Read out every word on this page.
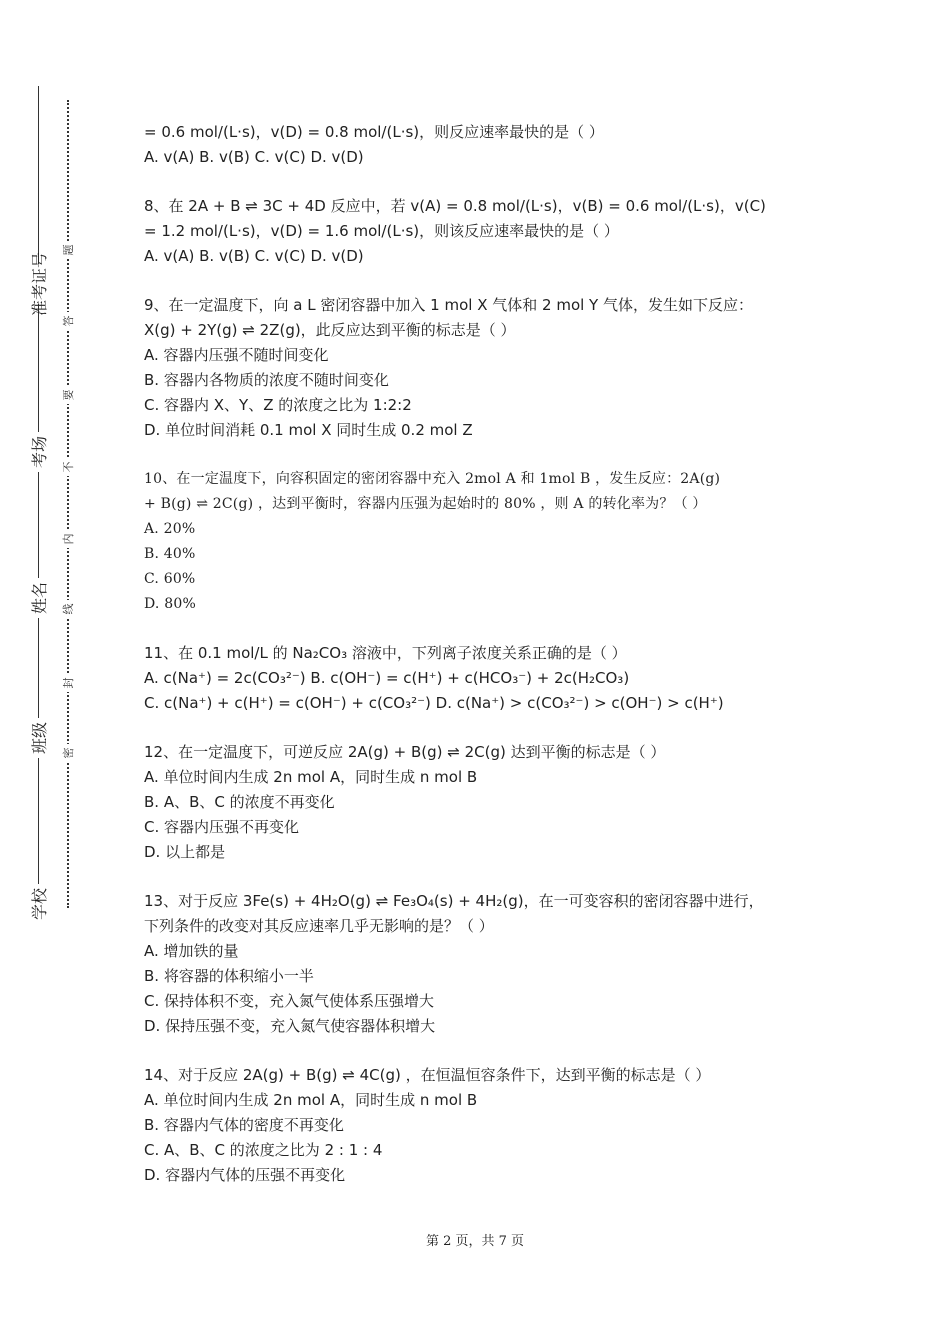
准考证号
考场
姓名
班级
学校
题
答
要
不
内
线
封
密
= 0.6 mol/(L·s)，v(D) = 0.8 mol/(L·s)，则反应速率最快的是（ ）
A. v(A) B. v(B) C. v(C) D. v(D)
8、在 2A + B ⇌ 3C + 4D 反应中，若 v(A) = 0.8 mol/(L·s)，v(B) = 0.6 mol/(L·s)，v(C)
= 1.2 mol/(L·s)，v(D) = 1.6 mol/(L·s)，则该反应速率最快的是（ ）
A. v(A) B. v(B) C. v(C) D. v(D)
9、在一定温度下，向 a L 密闭容器中加入 1 mol X 气体和 2 mol Y 气体，发生如下反应：
X(g) + 2Y(g) ⇌ 2Z(g)，此反应达到平衡的标志是（ ）
A. 容器内压强不随时间变化
B. 容器内各物质的浓度不随时间变化
C. 容器内 X、Y、Z 的浓度之比为 1:2:2
D. 单位时间消耗 0.1 mol X 同时生成 0.2 mol Z
10、在一定温度下，向容积固定的密闭容器中充入 2mol A 和 1mol B ，发生反应：2A(g)
+ B(g) ⇌ 2C(g) ，达到平衡时，容器内压强为起始时的 80% ，则 A 的转化率为？（ ）
A. 20%
B. 40%
C. 60%
D. 80%
11、在 0.1 mol/L 的 Na₂CO₃ 溶液中，下列离子浓度关系正确的是（ ）
A. c(Na⁺) = 2c(CO₃²⁻) B. c(OH⁻) = c(H⁺) + c(HCO₃⁻) + 2c(H₂CO₃)
C. c(Na⁺) + c(H⁺) = c(OH⁻) + c(CO₃²⁻) D. c(Na⁺) > c(CO₃²⁻) > c(OH⁻) > c(H⁺)
12、在一定温度下，可逆反应 2A(g) + B(g) ⇌ 2C(g) 达到平衡的标志是（ ）
A. 单位时间内生成 2n mol A，同时生成 n mol B
B. A、B、C 的浓度不再变化
C. 容器内压强不再变化
D. 以上都是
13、对于反应 3Fe(s) + 4H₂O(g) ⇌ Fe₃O₄(s) + 4H₂(g)，在一可变容积的密闭容器中进行，
下列条件的改变对其反应速率几乎无影响的是？（ ）
A. 增加铁的量
B. 将容器的体积缩小一半
C. 保持体积不变，充入氮气使体系压强增大
D. 保持压强不变，充入氮气使容器体积增大
14、对于反应 2A(g) + B(g) ⇌ 4C(g) ，在恒温恒容条件下，达到平衡的标志是（ ）
A. 单位时间内生成 2n mol A，同时生成 n mol B
B. 容器内气体的密度不再变化
C. A、B、C 的浓度之比为 2 : 1 : 4
D. 容器内气体的压强不再变化
第 2 页，共 7 页
